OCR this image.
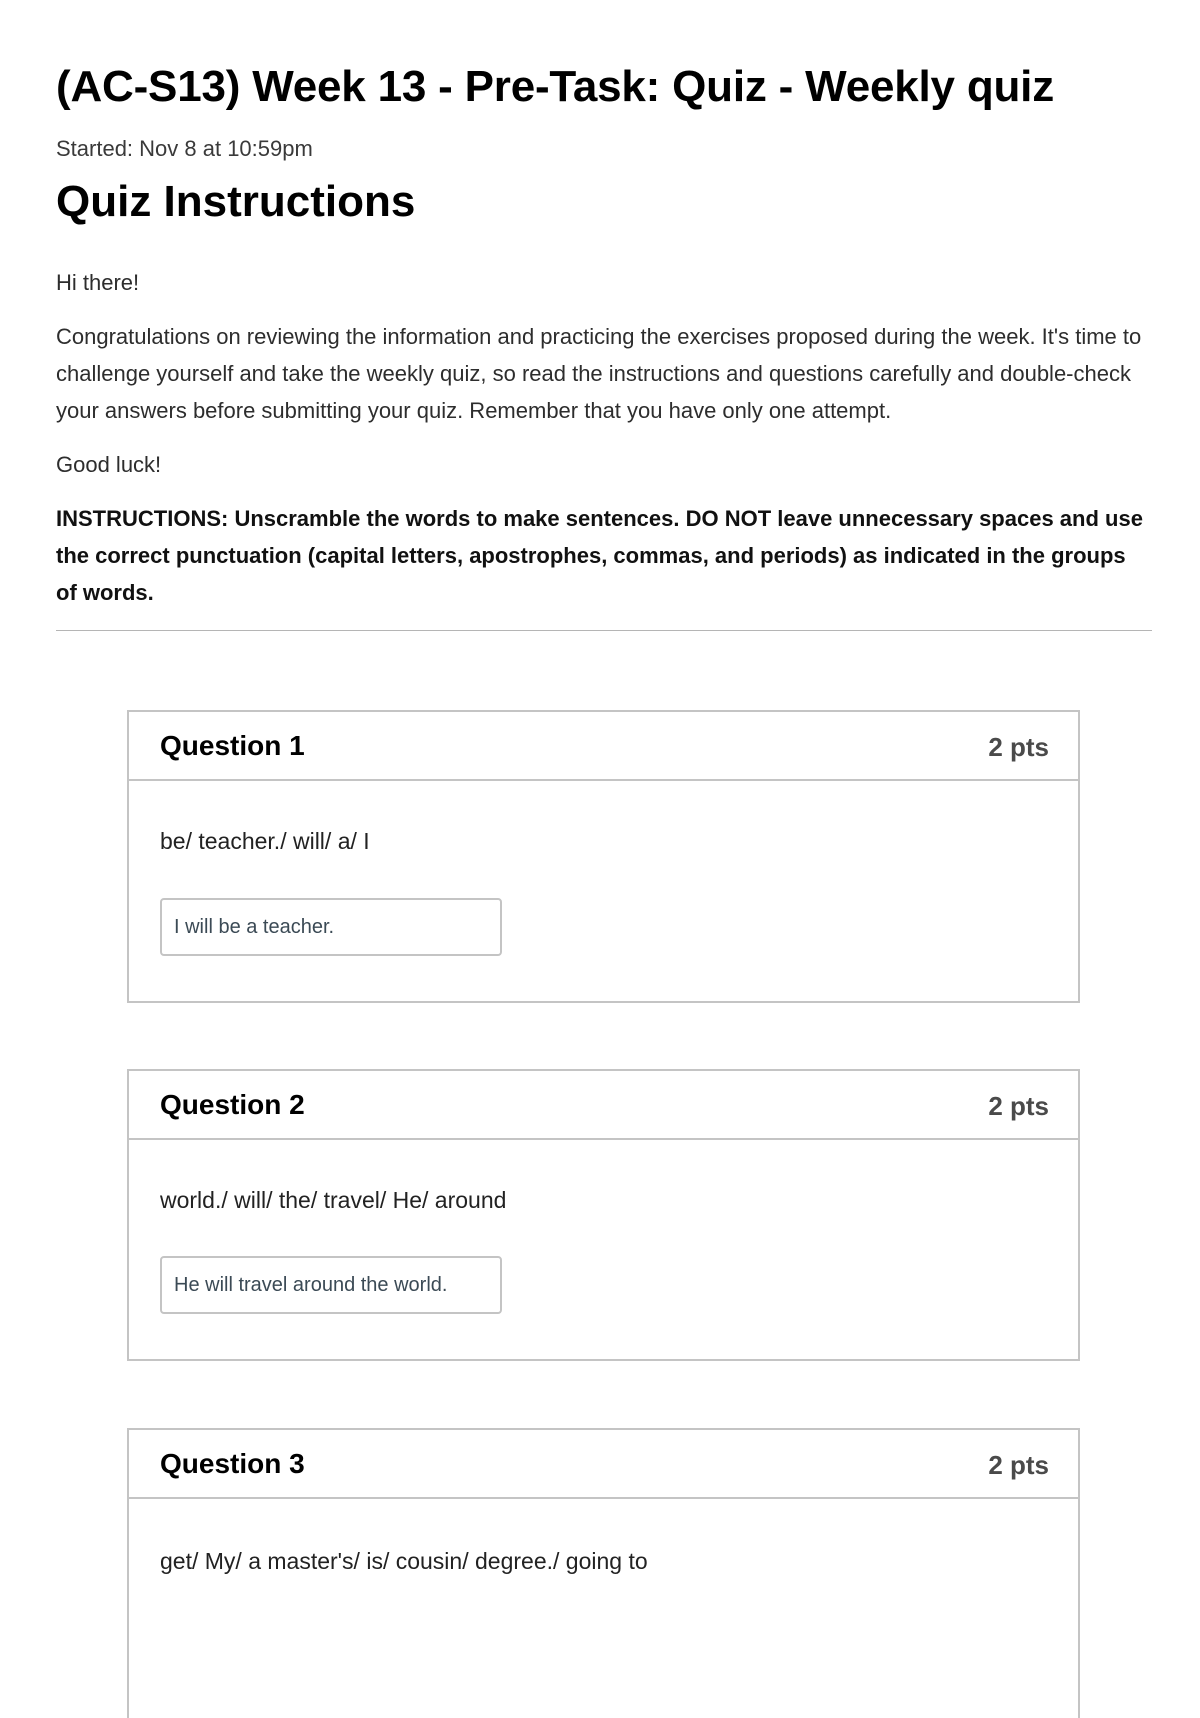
(AC-S13) Week 13 - Pre-Task: Quiz - Weekly quiz
Started: Nov 8 at 10:59pm
Quiz Instructions

Hi there!

Congratulations on reviewing the information and practicing the exercises proposed during the week. It's time to challenge yourself and take the weekly quiz, so read the instructions and questions carefully and double-check your answers before submitting your quiz. Remember that you have only one attempt.

Good luck!

INSTRUCTIONS: Unscramble the words to make sentences. DO NOT leave unnecessary spaces and use the correct punctuation (capital letters, apostrophes, commas, and periods) as indicated in the groups of words.

Question 1	2 pts
be/ teacher./ will/ a/ I
I will be a teacher.
Question 2	2 pts
world./ will/ the/ travel/ He/ around
He will travel around the world.
Question 3	2 pts
get/ My/ a master's/ is/ cousin/ degree./ going to
